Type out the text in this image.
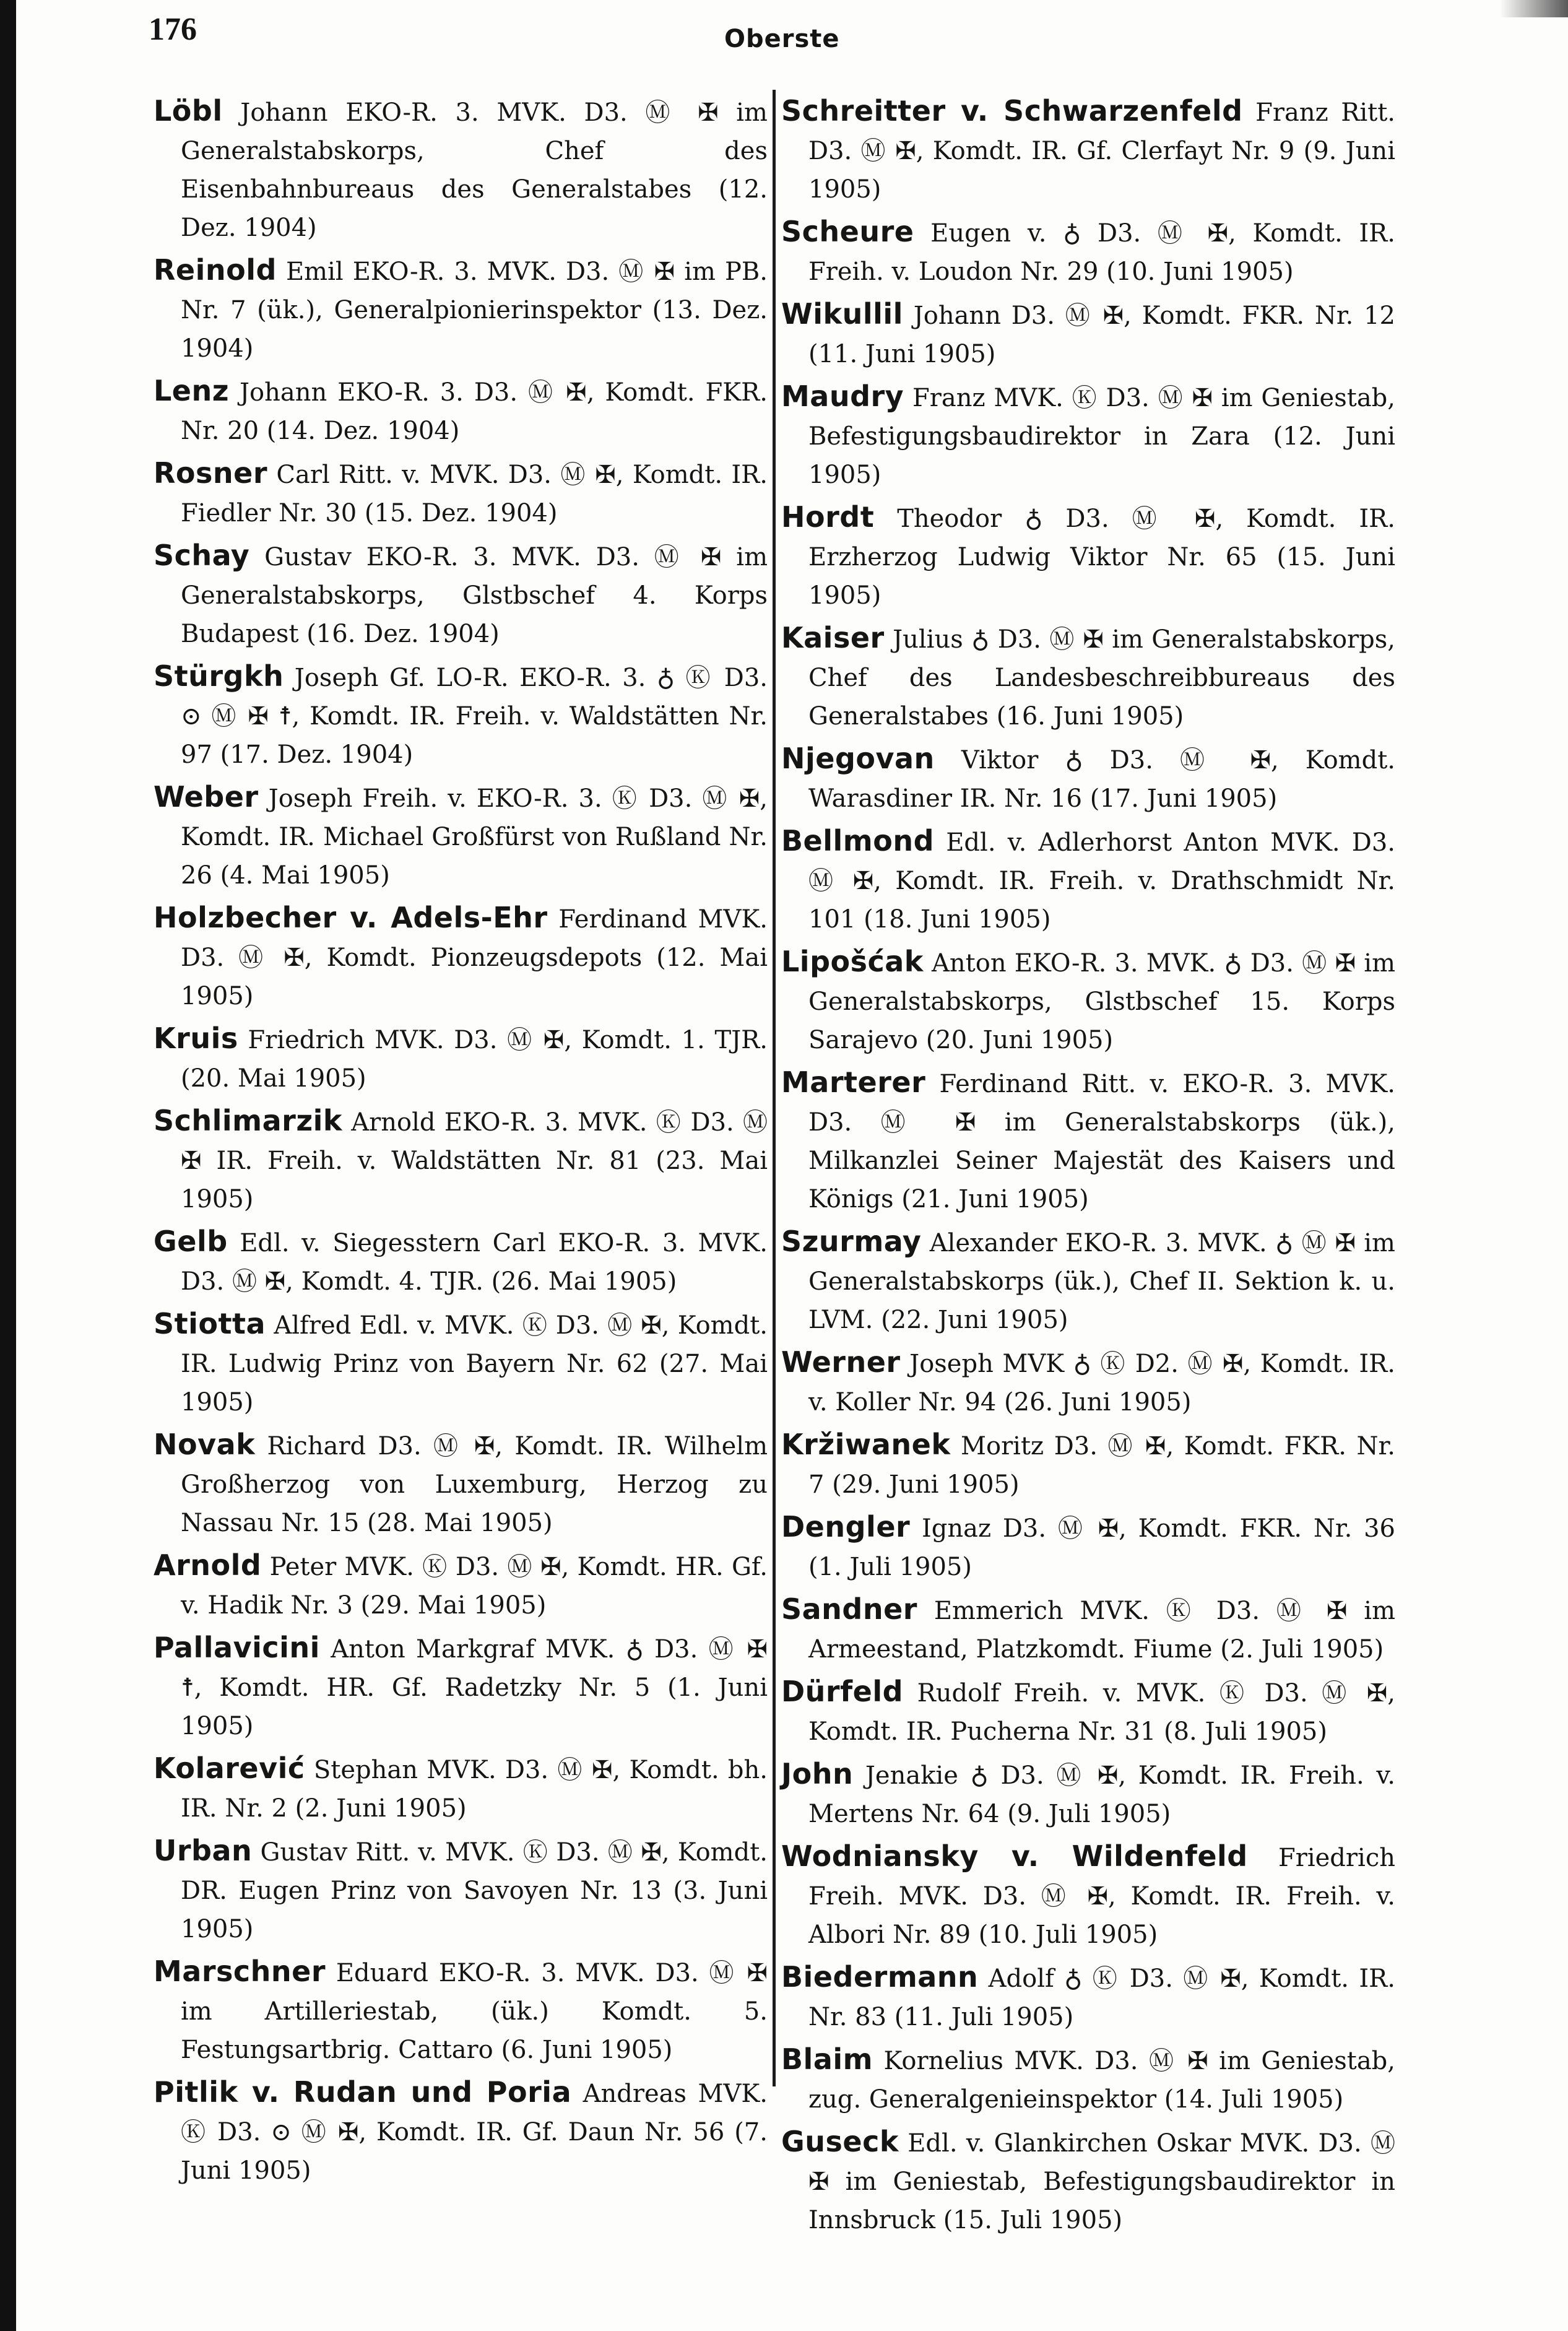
176	Oberste
Löbl Johann EKO-R. 3. MVK. D3. Ⓜ ✠ im Generalstabskorps, Chef des Eisenbahnbureaus des Generalstabes (12. Dez. 1904)
Reinold Emil EKO-R. 3. MVK. D3. Ⓜ ✠ im PB. Nr. 7 (ük.), Generalpionierinspektor (13. Dez. 1904)
Lenz Johann EKO-R. 3. D3. Ⓜ ✠, Komdt. FKR. Nr. 20 (14. Dez. 1904)
Rosner Carl Ritt. v. MVK. D3. Ⓜ ✠, Komdt. IR. Fiedler Nr. 30 (15. Dez. 1904)
Schay Gustav EKO-R. 3. MVK. D3. Ⓜ ✠ im Generalstabskorps, Glstbschef 4. Korps Budapest (16. Dez. 1904)
Stürgkh Joseph Gf. LO-R. EKO-R. 3. ♁ Ⓚ D3. ⊙ Ⓜ ✠ ☨, Komdt. IR. Freih. v. Waldstätten Nr. 97 (17. Dez. 1904)
Weber Joseph Freih. v. EKO-R. 3. Ⓚ D3. Ⓜ ✠, Komdt. IR. Michael Großfürst von Rußland Nr. 26 (4. Mai 1905)
Holzbecher v. Adels-Ehr Ferdinand MVK. D3. Ⓜ ✠, Komdt. Pionzeugsdepots (12. Mai 1905)
Kruis Friedrich MVK. D3. Ⓜ ✠, Komdt. 1. TJR. (20. Mai 1905)
Schlimarzik Arnold EKO-R. 3. MVK. Ⓚ D3. Ⓜ ✠ IR. Freih. v. Waldstätten Nr. 81 (23. Mai 1905)
Gelb Edl. v. Siegesstern Carl EKO-R. 3. MVK. D3. Ⓜ ✠, Komdt. 4. TJR. (26. Mai 1905)
Stiotta Alfred Edl. v. MVK. Ⓚ D3. Ⓜ ✠, Komdt. IR. Ludwig Prinz von Bayern Nr. 62 (27. Mai 1905)
Novak Richard D3. Ⓜ ✠, Komdt. IR. Wilhelm Großherzog von Luxemburg, Herzog zu Nassau Nr. 15 (28. Mai 1905)
Arnold Peter MVK. Ⓚ D3. Ⓜ ✠, Komdt. HR. Gf. v. Hadik Nr. 3 (29. Mai 1905)
Pallavicini Anton Markgraf MVK. ♁ D3. Ⓜ ✠ ☨, Komdt. HR. Gf. Radetzky Nr. 5 (1. Juni 1905)
Kolarević Stephan MVK. D3. Ⓜ ✠, Komdt. bh. IR. Nr. 2 (2. Juni 1905)
Urban Gustav Ritt. v. MVK. Ⓚ D3. Ⓜ ✠, Komdt. DR. Eugen Prinz von Savoyen Nr. 13 (3. Juni 1905)
Marschner Eduard EKO-R. 3. MVK. D3. Ⓜ ✠ im Artilleriestab, (ük.) Komdt. 5. Festungsartbrig. Cattaro (6. Juni 1905)
Pitlik v. Rudan und Poria Andreas MVK. Ⓚ D3. ⊙ Ⓜ ✠, Komdt. IR. Gf. Daun Nr. 56 (7. Juni 1905)
Schreitter v. Schwarzenfeld Franz Ritt. D3. Ⓜ ✠, Komdt. IR. Gf. Clerfayt Nr. 9 (9. Juni 1905)
Scheure Eugen v. ♁ D3. Ⓜ ✠, Komdt. IR. Freih. v. Loudon Nr. 29 (10. Juni 1905)
Wikullil Johann D3. Ⓜ ✠, Komdt. FKR. Nr. 12 (11. Juni 1905)
Maudry Franz MVK. Ⓚ D3. Ⓜ ✠ im Geniestab, Befestigungsbaudirektor in Zara (12. Juni 1905)
Hordt Theodor ♁ D3. Ⓜ ✠, Komdt. IR. Erzherzog Ludwig Viktor Nr. 65 (15. Juni 1905)
Kaiser Julius ♁ D3. Ⓜ ✠ im Generalstabskorps, Chef des Landesbeschreibbureaus des Generalstabes (16. Juni 1905)
Njegovan Viktor ♁ D3. Ⓜ ✠, Komdt. Warasdiner IR. Nr. 16 (17. Juni 1905)
Bellmond Edl. v. Adlerhorst Anton MVK. D3. Ⓜ ✠, Komdt. IR. Freih. v. Drathschmidt Nr. 101 (18. Juni 1905)
Lipošćak Anton EKO-R. 3. MVK. ♁ D3. Ⓜ ✠ im Generalstabskorps, Glstbschef 15. Korps Sarajevo (20. Juni 1905)
Marterer Ferdinand Ritt. v. EKO-R. 3. MVK. D3. Ⓜ ✠ im Generalstabskorps (ük.), Milkanzlei Seiner Majestät des Kaisers und Königs (21. Juni 1905)
Szurmay Alexander EKO-R. 3. MVK. ♁ Ⓜ ✠ im Generalstabskorps (ük.), Chef II. Sektion k. u. LVM. (22. Juni 1905)
Werner Joseph MVK ♁ Ⓚ D2. Ⓜ ✠, Komdt. IR. v. Koller Nr. 94 (26. Juni 1905)
Kržiwanek Moritz D3. Ⓜ ✠, Komdt. FKR. Nr. 7 (29. Juni 1905)
Dengler Ignaz D3. Ⓜ ✠, Komdt. FKR. Nr. 36 (1. Juli 1905)
Sandner Emmerich MVK. Ⓚ D3. Ⓜ ✠ im Armeestand, Platzkomdt. Fiume (2. Juli 1905)
Dürfeld Rudolf Freih. v. MVK. Ⓚ D3. Ⓜ ✠, Komdt. IR. Pucherna Nr. 31 (8. Juli 1905)
John Jenakie ♁ D3. Ⓜ ✠, Komdt. IR. Freih. v. Mertens Nr. 64 (9. Juli 1905)
Wodniansky v. Wildenfeld Friedrich Freih. MVK. D3. Ⓜ ✠, Komdt. IR. Freih. v. Albori Nr. 89 (10. Juli 1905)
Biedermann Adolf ♁ Ⓚ D3. Ⓜ ✠, Komdt. IR. Nr. 83 (11. Juli 1905)
Blaim Kornelius MVK. D3. Ⓜ ✠ im Geniestab, zug. Generalgenieinspektor (14. Juli 1905)
Guseck Edl. v. Glankirchen Oskar MVK. D3. Ⓜ ✠ im Geniestab, Befestigungsbaudirektor in Innsbruck (15. Juli 1905)
